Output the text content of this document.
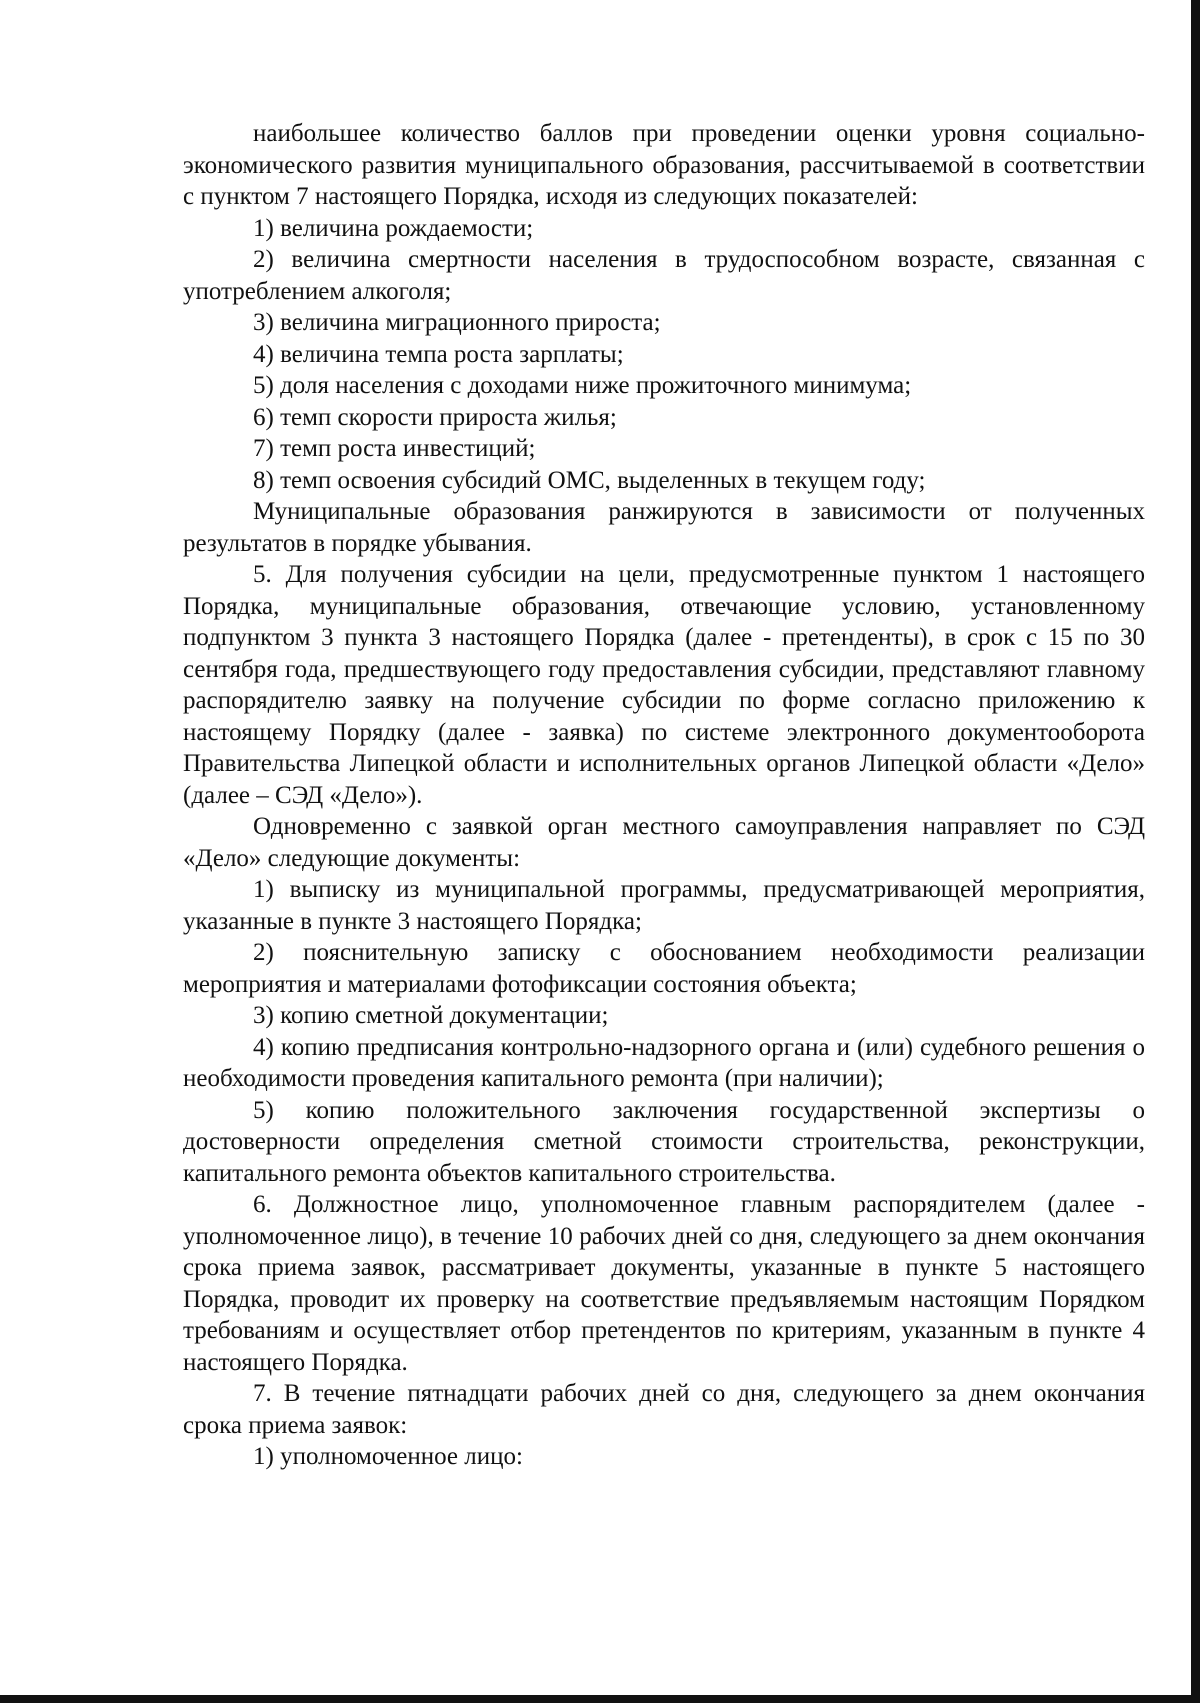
наибольшее количество баллов при проведении оценки уровня социально-экономического развития муниципального образования, рассчитываемой в соответствии с пунктом 7 настоящего Порядка, исходя из следующих показателей:

1) величина рождаемости;

2) величина смертности населения в трудоспособном возрасте, связанная с употреблением алкоголя;

3) величина миграционного прироста;

4) величина темпа роста зарплаты;

5) доля населения с доходами ниже прожиточного минимума;

6) темп скорости прироста жилья;

7) темп роста инвестиций;

8) темп освоения субсидий ОМС, выделенных в текущем году;

Муниципальные образования ранжируются в зависимости от полученных результатов в порядке убывания.

5. Для получения субсидии на цели, предусмотренные пунктом 1 настоящего Порядка, муниципальные образования, отвечающие условию, установленному подпунктом 3 пункта 3 настоящего Порядка (далее - претенденты), в срок с 15 по 30 сентября года, предшествующего году предоставления субсидии, представляют главному распорядителю заявку на получение субсидии по форме согласно приложению к настоящему Порядку (далее - заявка) по системе электронного документооборота Правительства Липецкой области и исполнительных органов Липецкой области «Дело» (далее – СЭД «Дело»).

Одновременно с заявкой орган местного самоуправления направляет по СЭД «Дело» следующие документы:

1) выписку из муниципальной программы, предусматривающей мероприятия, указанные в пункте 3 настоящего Порядка;

2) пояснительную записку с обоснованием необходимости реализации мероприятия и материалами фотофиксации состояния объекта;

3) копию сметной документации;

4) копию предписания контрольно-надзорного органа и (или) судебного решения о необходимости проведения капитального ремонта (при наличии);

5) копию положительного заключения государственной экспертизы о достоверности определения сметной стоимости строительства, реконструкции, капитального ремонта объектов капитального строительства.

6. Должностное лицо, уполномоченное главным распорядителем (далее - уполномоченное лицо), в течение 10 рабочих дней со дня, следующего за днем окончания срока приема заявок, рассматривает документы, указанные в пункте 5 настоящего Порядка, проводит их проверку на соответствие предъявляемым настоящим Порядком требованиям и осуществляет отбор претендентов по критериям, указанным в пункте 4 настоящего Порядка.

7. В течение пятнадцати рабочих дней со дня, следующего за днем окончания срока приема заявок:

1) уполномоченное лицо:
